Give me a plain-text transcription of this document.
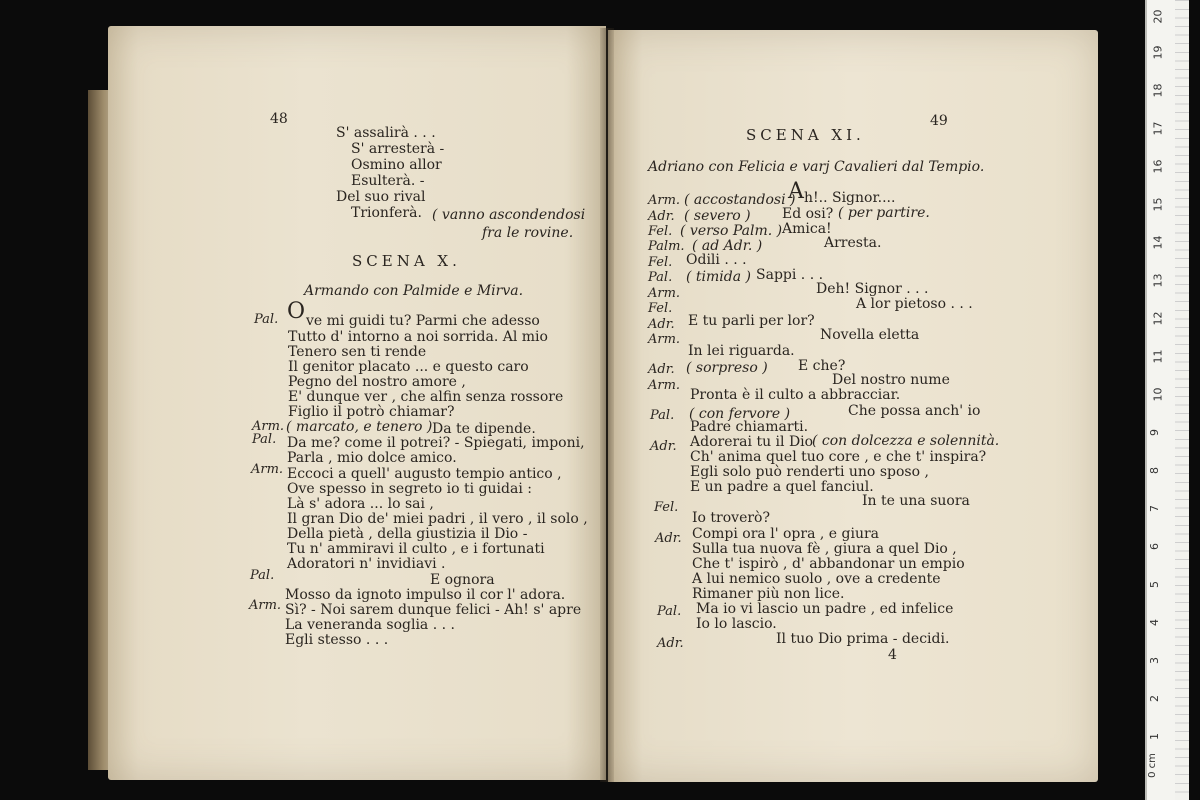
48
S' assalirà . . .
S' arresterà -
Osmino allor
Esulterà. -
Del suo rival
Trionferà. ( vanno ascondendosi
fra le rovine.
SCENA X.
Armando con Palmide e Mirva.
Pal. O ve mi guidi tu? Parmi che adesso
Tutto d' intorno a noi sorrida. Al mio
Tenero sen ti rende
Il genitor placato ... e questo caro
Pegno del nostro amore ,
E' dunque ver , che alfin senza rossore
Figlio il potrò chiamar?
Arm. ( marcato, e tenero ) Da te dipende.
Pal. Da me? come il potrei? - Spiegati, imponi,
Parla , mio dolce amico.
Arm. Eccoci a quell' augusto tempio antico ,
Ove spesso in segreto io ti guidai :
Là s' adora ... lo sai ,
Il gran Dio de' miei padri , il vero , il solo ,
Della pietà , della giustizia il Dio -
Tu n' ammiravi il culto , e i fortunati
Adoratori n' invidiavi .
Pal.	E ognora
Mosso da ignoto impulso il cor l' adora.
Arm. Sì? - Noi sarem dunque felici - Ah! s' apre
La veneranda soglia . . .
Egli stesso . . .
49
SCENA XI.
Adriano con Felicia e varj Cavalieri dal Tempio.
Arm. ( accostandosi )
A h!.. Signor....
Adr. ( severo ) Ed osi? ( per partire.
Fel. ( verso Palm. ) Amica!
Palm. ( ad Adr. )	Arresta.
Fel. Odili . . .
Pal. ( timida ) Sappi . . .
Arm.	Deh! Signor . . .
Fel.	A lor pietoso . . .
Adr. E tu parli per lor?
Arm.	Novella eletta
In lei riguarda.
Adr. ( sorpreso ) E che?
Arm.	Del nostro nume
Pronta è il culto a abbracciar.
Pal. ( con fervore )	Che possa anch' io
Padre chiamarti.
Adr. Adorerai tu il Dio
( con dolcezza e solennità.
Ch' anima quel tuo core , e che t' inspira?
Egli solo può renderti uno sposo ,
E un padre a quel fanciul.
Fel.	In te una suora
Io troverò?
Adr. Compi ora l' opra , e giura
Sulla tua nuova fè , giura a quel Dio ,
Che t' ispirò , d' abbandonar un empio
A lui nemico suolo , ove a credente
Rimaner più non lice.
Pal. Ma io vi lascio un padre , ed infelice
Io lo lascio.
Adr.	Il tuo Dio prima - decidi.
4
0 cm
1
2
3
4
5
6
7
8
9
10
11
12
13
14
15
16
17
18
19
20
